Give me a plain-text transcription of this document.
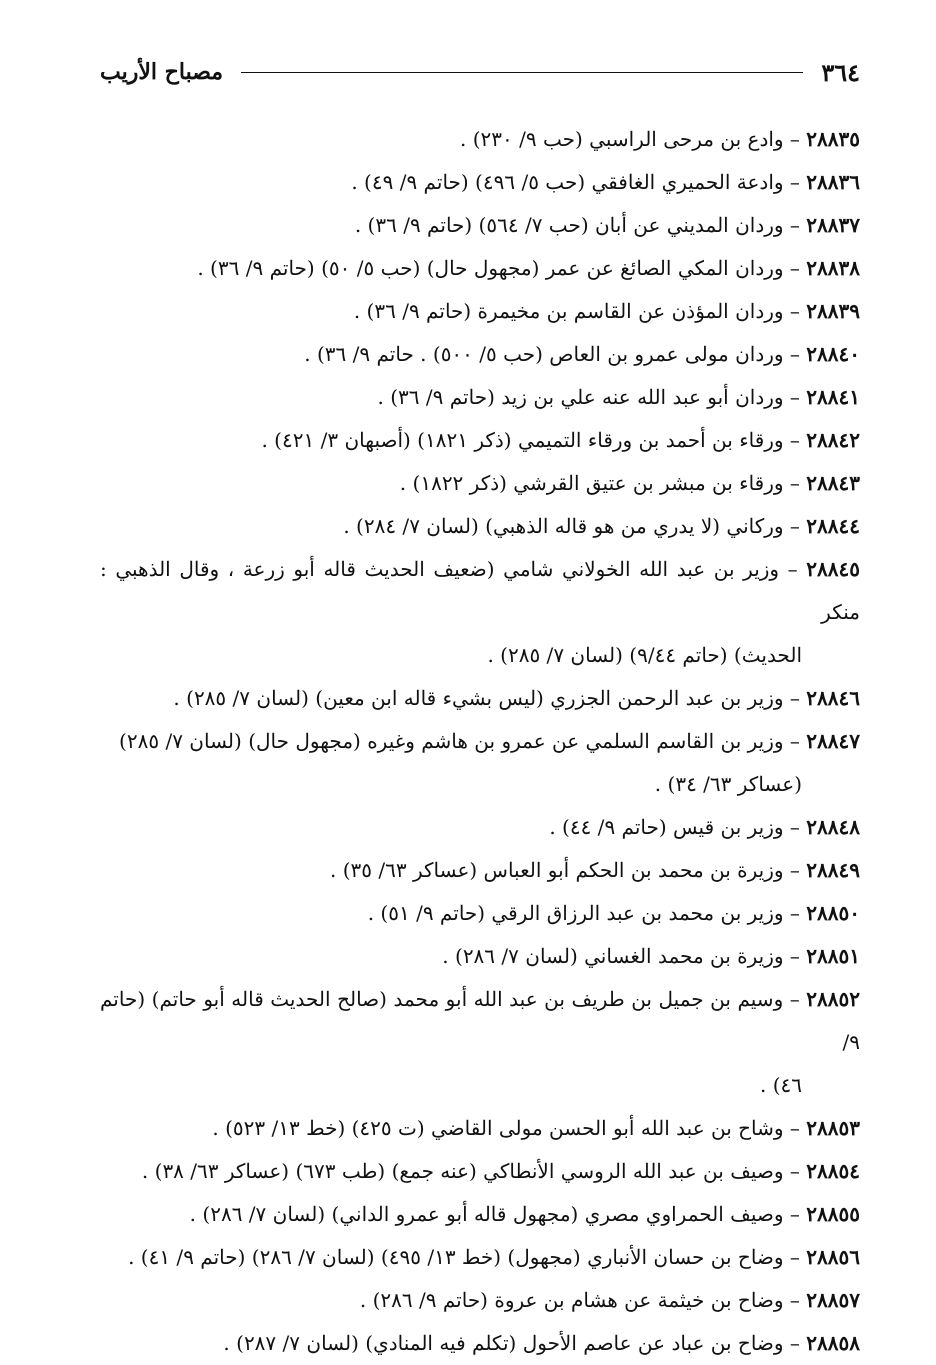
٣٦٤
مصباح الأريب
٢٨٨٣٥ – وادع بن مرحى الراسبي (حب ٩/ ٢٣٠) .
٢٨٨٣٦ – وادعة الحميري الغافقي (حب ٥/ ٤٩٦) (حاتم ٩/ ٤٩) .
٢٨٨٣٧ – وردان المديني عن أبان (حب ٧/ ٥٦٤) (حاتم ٩/ ٣٦) .
٢٨٨٣٨ – وردان المكي الصائغ عن عمر (مجهول حال) (حب ٥/ ٥٠) (حاتم ٩/ ٣٦) .
٢٨٨٣٩ – وردان المؤذن عن القاسم بن مخيمرة (حاتم ٩/ ٣٦) .
٢٨٨٤٠ – وردان مولى عمرو بن العاص (حب ٥/ ٥٠٠) . حاتم ٩/ ٣٦) .
٢٨٨٤١ – وردان أبو عبد الله عنه علي بن زيد (حاتم ٩/ ٣٦) .
٢٨٨٤٢ – ورقاء بن أحمد بن ورقاء التميمي (ذكر ١٨٢١) (أصبهان ٣/ ٤٢١) .
٢٨٨٤٣ – ورقاء بن مبشر بن عتيق القرشي (ذكر ١٨٢٢) .
٢٨٨٤٤ – وركاني (لا يدري من هو قاله الذهبي) (لسان ٧/ ٢٨٤) .
٢٨٨٤٥ – وزير بن عبد الله الخولاني شامي (ضعيف الحديث قاله أبو زرعة ، وقال الذهبي : منكر
الحديث) (حاتم ٩/٤٤) (لسان ٧/ ٢٨٥) .
٢٨٨٤٦ – وزير بن عبد الرحمن الجزري (ليس بشيء قاله ابن معين) (لسان ٧/ ٢٨٥) .
٢٨٨٤٧ – وزير بن القاسم السلمي عن عمرو بن هاشم وغيره (مجهول حال) (لسان ٧/ ٢٨٥)
(عساكر ٦٣/ ٣٤) .
٢٨٨٤٨ – وزير بن قيس (حاتم ٩/ ٤٤) .
٢٨٨٤٩ – وزيرة بن محمد بن الحكم أبو العباس (عساكر ٦٣/ ٣٥) .
٢٨٨٥٠ – وزير بن محمد بن عبد الرزاق الرقي (حاتم ٩/ ٥١) .
٢٨٨٥١ – وزيرة بن محمد الغساني (لسان ٧/ ٢٨٦) .
٢٨٨٥٢ – وسيم بن جميل بن طريف بن عبد الله أبو محمد (صالح الحديث قاله أبو حاتم) (حاتم ٩/
٤٦) .
٢٨٨٥٣ – وشاح بن عبد الله أبو الحسن مولى القاضي (ت ٤٢٥) (خط ١٣/ ٥٢٣) .
٢٨٨٥٤ – وصيف بن عبد الله الروسي الأنطاكي (عنه جمع) (طب ٦٧٣) (عساكر ٦٣/ ٣٨) .
٢٨٨٥٥ – وصيف الحمراوي مصري (مجهول قاله أبو عمرو الداني) (لسان ٧/ ٢٨٦) .
٢٨٨٥٦ – وضاح بن حسان الأنباري (مجهول) (خط ١٣/ ٤٩٥) (لسان ٧/ ٢٨٦) (حاتم ٩/ ٤١) .
٢٨٨٥٧ – وضاح بن خيثمة عن هشام بن عروة (حاتم ٩/ ٢٨٦) .
٢٨٨٥٨ – وضاح بن عباد عن عاصم الأحول (تكلم فيه المنادي) (لسان ٧/ ٢٨٧) .
